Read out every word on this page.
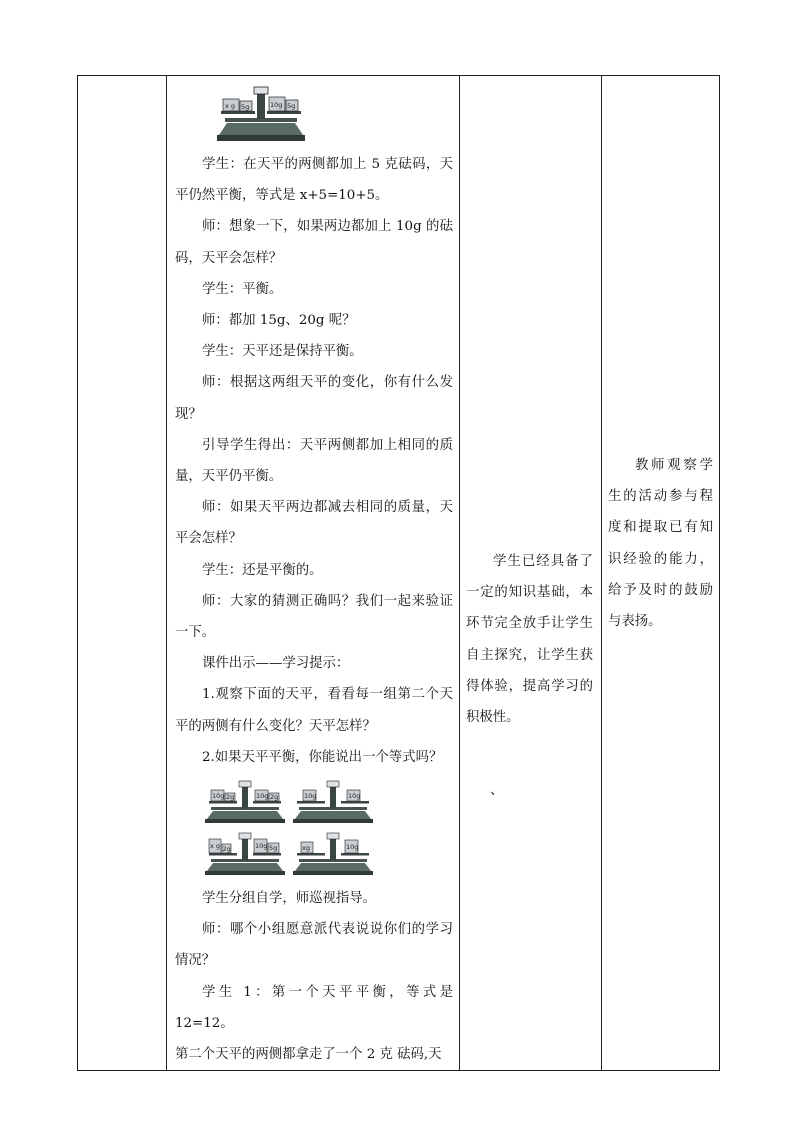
x g 5g	10g 5g

学生：在天平的两侧都加上 5 克砝码，天平仍然平衡，等式是 x+5=10+5。

师：想象一下，如果两边都加上 10g 的砝码，天平会怎样？

学生：平衡。

师：都加 15g、20g 呢？

学生：天平还是保持平衡。

师：根据这两组天平的变化，你有什么发现？

引导学生得出：天平两侧都加上相同的质量，天平仍平衡。

师：如果天平两边都减去相同的质量，天平会怎样？

学生：还是平衡的。

师：大家的猜测正确吗？我们一起来验证一下。

课件出示——学习提示：

1.观察下面的天平，看看每一组第二个天平的两侧有什么变化？天平怎样？

2.如果天平平衡，你能说出一个等式吗？

10g 2g	10g 2g	10g	10g
x g	10g
2g	5g	xg	10g

学生分组自学，师巡视指导。

师：哪个小组愿意派代表说说你们的学习情况？

学生 1：第一个天平平衡，等式是 12=12。

第二个天平的两侧都拿走了一个 2 克 砝码,天

学生已经具备了一定的知识基础，本环节完全放手让学生自主探究，让学生获得体验，提高学习的积极性。

、

教师观察学生的活动参与程度和提取已有知识经验的能力，给予及时的鼓励与表扬。
